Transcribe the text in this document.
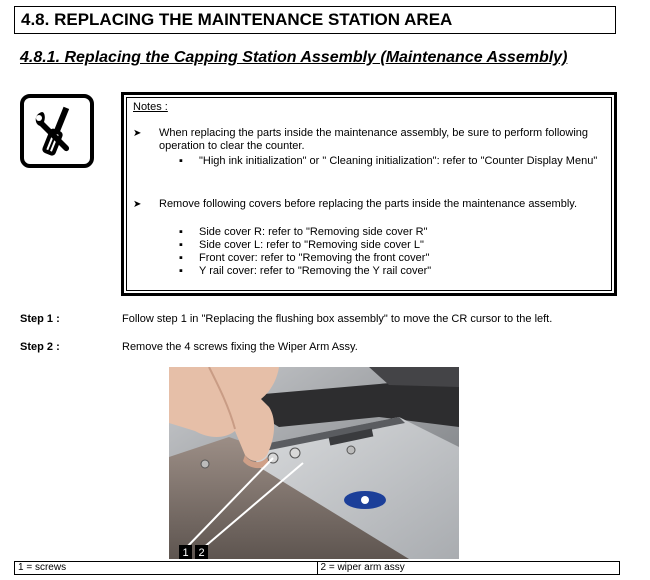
4.8. REPLACING THE MAINTENANCE STATION AREA
4.8.1. Replacing the Capping Station Assembly (Maintenance Assembly)
Notes :
➤ When replacing the parts inside the maintenance assembly, be sure to perform following operation to clear the counter.
▪ "High ink initialization" or " Cleaning initialization": refer to "Counter Display Menu"
➤ Remove following covers before replacing the parts inside the maintenance assembly.
▪ Side cover R: refer to "Removing side cover R"
▪ Side cover L: refer to "Removing side cover L"
▪ Front cover: refer to "Removing the front cover"
▪ Y rail cover: refer to "Removing the Y rail cover"
Step 1 :	Follow step 1 in "Replacing the flushing box assembly" to move the CR cursor to the left.
Step 2 :	Remove the 4 screws fixing the Wiper Arm Assy.
1 2
1 = screws	2 = wiper arm assy
